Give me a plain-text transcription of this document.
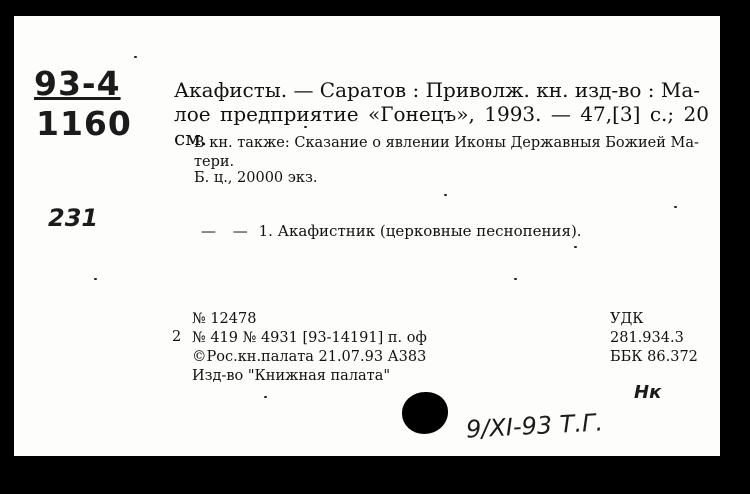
93-4
1160
231
Акафисты. — Саратов : Приволж. кн. изд-во : Ма-
лое предприятие «Гонецъ», 1993. — 47,[3] с.; 20 см.
В кн. также: Сказание о явлении Иконы Державныя Божией Ма-
тери.
Б. ц., 20000 экз.
— — 1. Акафистник (церковные песнопения).
2
№ 12478
№ 419 № 4931 [93-14191] п. оф
©Рос.кн.палата 21.07.93 А383
Изд-во "Книжная палата"
УДК 281.934.3
ББК 86.372
9/XI-93 Т.Г.
Нк
